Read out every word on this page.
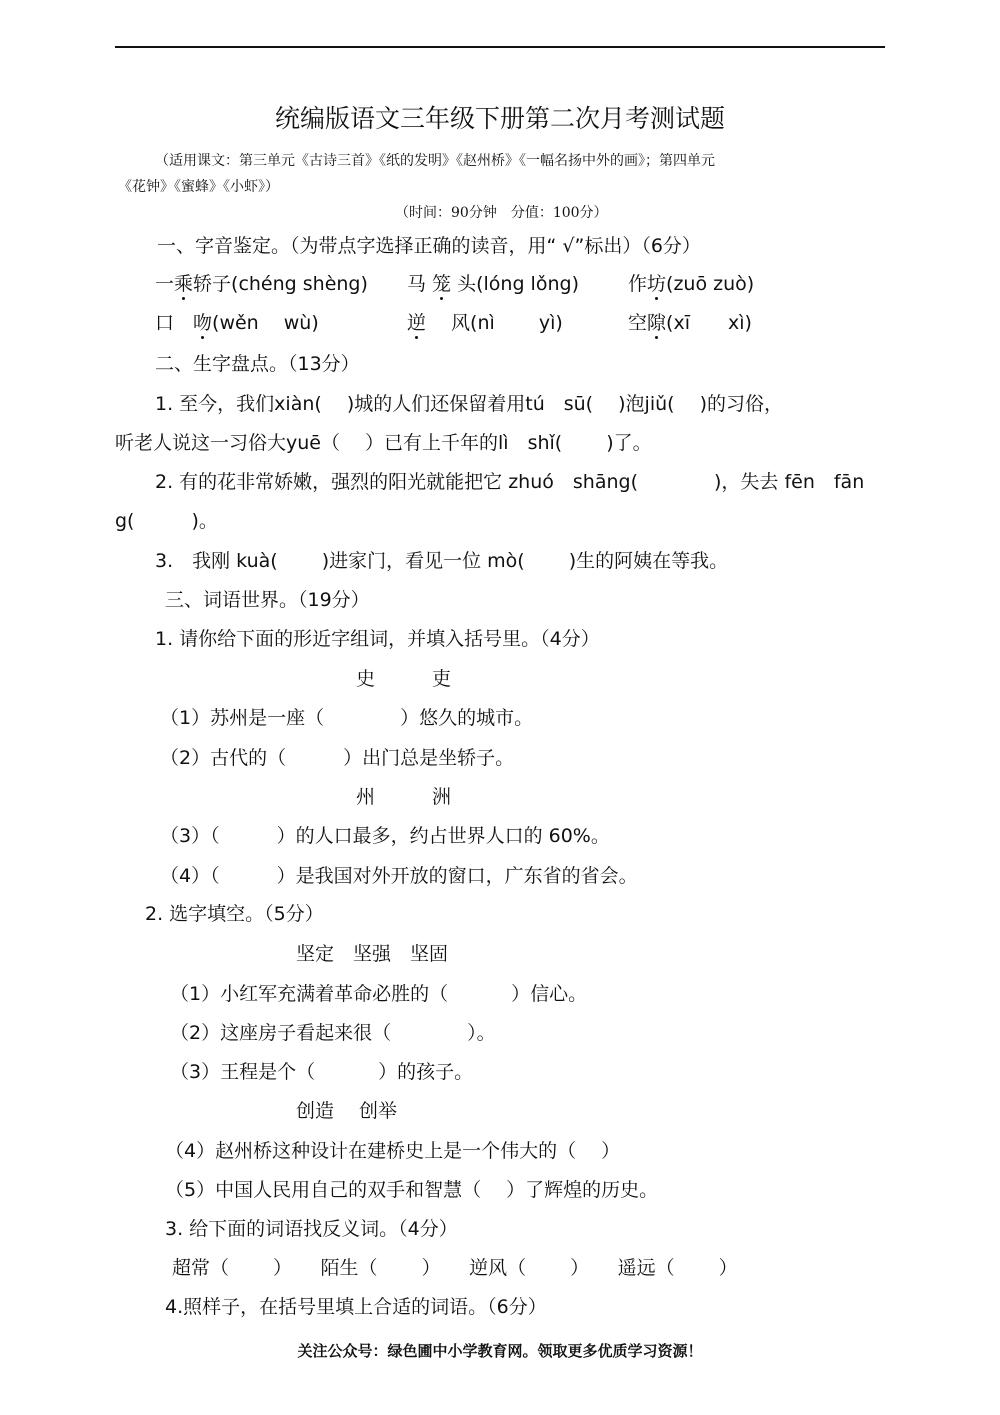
统编版语文三年级下册第二次月考测试题
（适用课文：第三单元《古诗三首》《纸的发明》《赵州桥》《一幅名扬中外的画》；第四单元
《花钟》《蜜蜂》《小虾》）
（时间：90分钟　分值：100分）
一、字音鉴定。（为带点字选择正确的读音，用“ √”标出）（6分）
一乘轿子(chéng shèng) 马 笼 头(lóng lǒng)	作坊(zuō zuò)
口　吻(wěn　 wù)	逆　 风(nì　　 yì)	空隙(xī　　xì)
二、生字盘点。（13分）
1. 至今，我们xiàn(　 )城的人们还保留着用tú　sū(　 )泡jiǔ(　 )的习俗，
听老人说这一习俗大yuē（　 ）已有上千年的lì　shǐ(　　 )了。
2. 有的花非常娇嫩，强烈的阳光就能把它 zhuó　shāng(　　　　)，失去 fēn　fān
g(　　　)。
3.　我刚 kuà(　　 )进家门，看见一位 mò(　　 )生的阿姨在等我。
三、词语世界。（19分）
1. 请你给下面的形近字组词，并填入括号里。（4分）
史　　　吏
（1）苏州是一座（　　　　）悠久的城市。
（2）古代的（　　　）出门总是坐轿子。
州　　　洲
（3）（　　　）的人口最多，约占世界人口的 60%。
（4）（　　　）是我国对外开放的窗口，广东省的省会。
2. 选字填空。（5分）
坚定　坚强　坚固
（1）小红军充满着革命必胜的（　　　 ）信心。
（2）这座房子看起来很（　　　　）。
（3）王程是个（　　　 ）的孩子。
创造　 创举
（4）赵州桥这种设计在建桥史上是一个伟大的（　 ）
（5）中国人民用自己的双手和智慧（　 ）了辉煌的历史。
3. 给下面的词语找反义词。（4分）
超常（　　 ）　　陌生（　　 ）　　逆风（　　 ）　　遥远（　　 ）
4.照样子，在括号里填上合适的词语。（6分）
关注公众号：绿色圃中小学教育网。领取更多优质学习资源！
